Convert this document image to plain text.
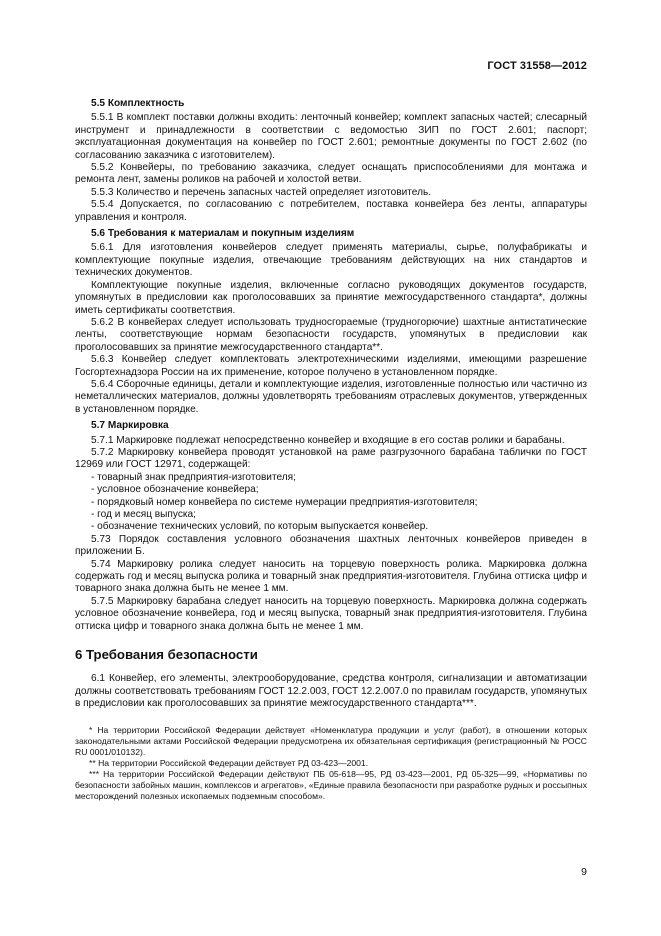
ГОСТ 31558—2012

5.5 Комплектность

5.5.1 В комплект поставки должны входить: ленточный конвейер; комплект запасных частей; слесарный инструмент и принадлежности в соответствии с ведомостью ЗИП по ГОСТ 2.601; паспорт; эксплуатационная документация на конвейер по ГОСТ 2.601; ремонтные документы по ГОСТ 2.602 (по согласованию заказчика с изготовителем).

5.5.2 Конвейеры, по требованию заказчика, следует оснащать приспособлениями для монтажа и ремонта лент, замены роликов на рабочей и холостой ветви.

5.5.3 Количество и перечень запасных частей определяет изготовитель.

5.5.4 Допускается, по согласованию с потребителем, поставка конвейера без ленты, аппаратуры управления и контроля.

5.6 Требования к материалам и покупным изделиям

5.6.1 Для изготовления конвейеров следует применять материалы, сырье, полуфабрикаты и комплектующие покупные изделия, отвечающие требованиям действующих на них стандартов и технических документов.

Комплектующие покупные изделия, включенные согласно руководящих документов государств, упомянутых в предисловии как проголосовавших за принятие межгосударственного стандарта*, должны иметь сертификаты соответствия.

5.6.2 В конвейерах следует использовать трудносгораемые (трудногорючие) шахтные антистатические ленты, соответствующие нормам безопасности государств, упомянутых в предисловии как проголосовавших за принятие межгосударственного стандарта**.

5.6.3 Конвейер следует комплектовать электротехническими изделиями, имеющими разрешение Госгортехнадзора России на их применение, которое получено в установленном порядке.

5.6.4 Сборочные единицы, детали и комплектующие изделия, изготовленные полностью или частично из неметаллических материалов, должны удовлетворять требованиям отраслевых документов, утвержденных в установленном порядке.

5.7 Маркировка

5.7.1 Маркировке подлежат непосредственно конвейер и входящие в его состав ролики и барабаны.

5.7.2 Маркировку конвейера проводят установкой на раме разгрузочного барабана таблички по ГОСТ 12969 или ГОСТ 12971, содержащей:

- товарный знак предприятия-изготовителя;

- условное обозначение конвейера;

- порядковый номер конвейера по системе нумерации предприятия-изготовителя;

- год и месяц выпуска;

- обозначение технических условий, по которым выпускается конвейер.

5.73 Порядок составления условного обозначения шахтных ленточных конвейеров приведен в приложении Б.

5.74 Маркировку ролика следует наносить на торцевую поверхность ролика. Маркировка должна содержать год и месяц выпуска ролика и товарный знак предприятия-изготовителя. Глубина оттиска цифр и товарного знака должна быть не менее 1 мм.

5.7.5 Маркировку барабана следует наносить на торцевую поверхность. Маркировка должна содержать условное обозначение конвейера, год и месяц выпуска, товарный знак предприятия-изготовителя. Глубина оттиска цифр и товарного знака должна быть не менее 1 мм.

6 Требования безопасности

6.1 Конвейер, его элементы, электрооборудование, средства контроля, сигнализации и автоматизации должны соответствовать требованиям ГОСТ 12.2.003, ГОСТ 12.2.007.0 по правилам государств, упомянутых в предисловии как проголосовавших за принятие межгосударственного стандарта***.

* На территории Российской Федерации действует «Номенклатура продукции и услуг (работ), в отношении которых законодательными актами Российской Федерации предусмотрена их обязательная сертификация (регистрационный № РОСС RU 0001/010132).

** На территории Российской Федерации действует РД 03-423—2001.

*** На территории Российской Федерации действуют ПБ 05-618—95, РД 03-423—2001, РД 05-325—99, «Нормативы по безопасности забойных машин, комплексов и агрегатов», «Единые правила безопасности при разработке рудных и россыпных месторождений полезных ископаемых подземным способом».

9
